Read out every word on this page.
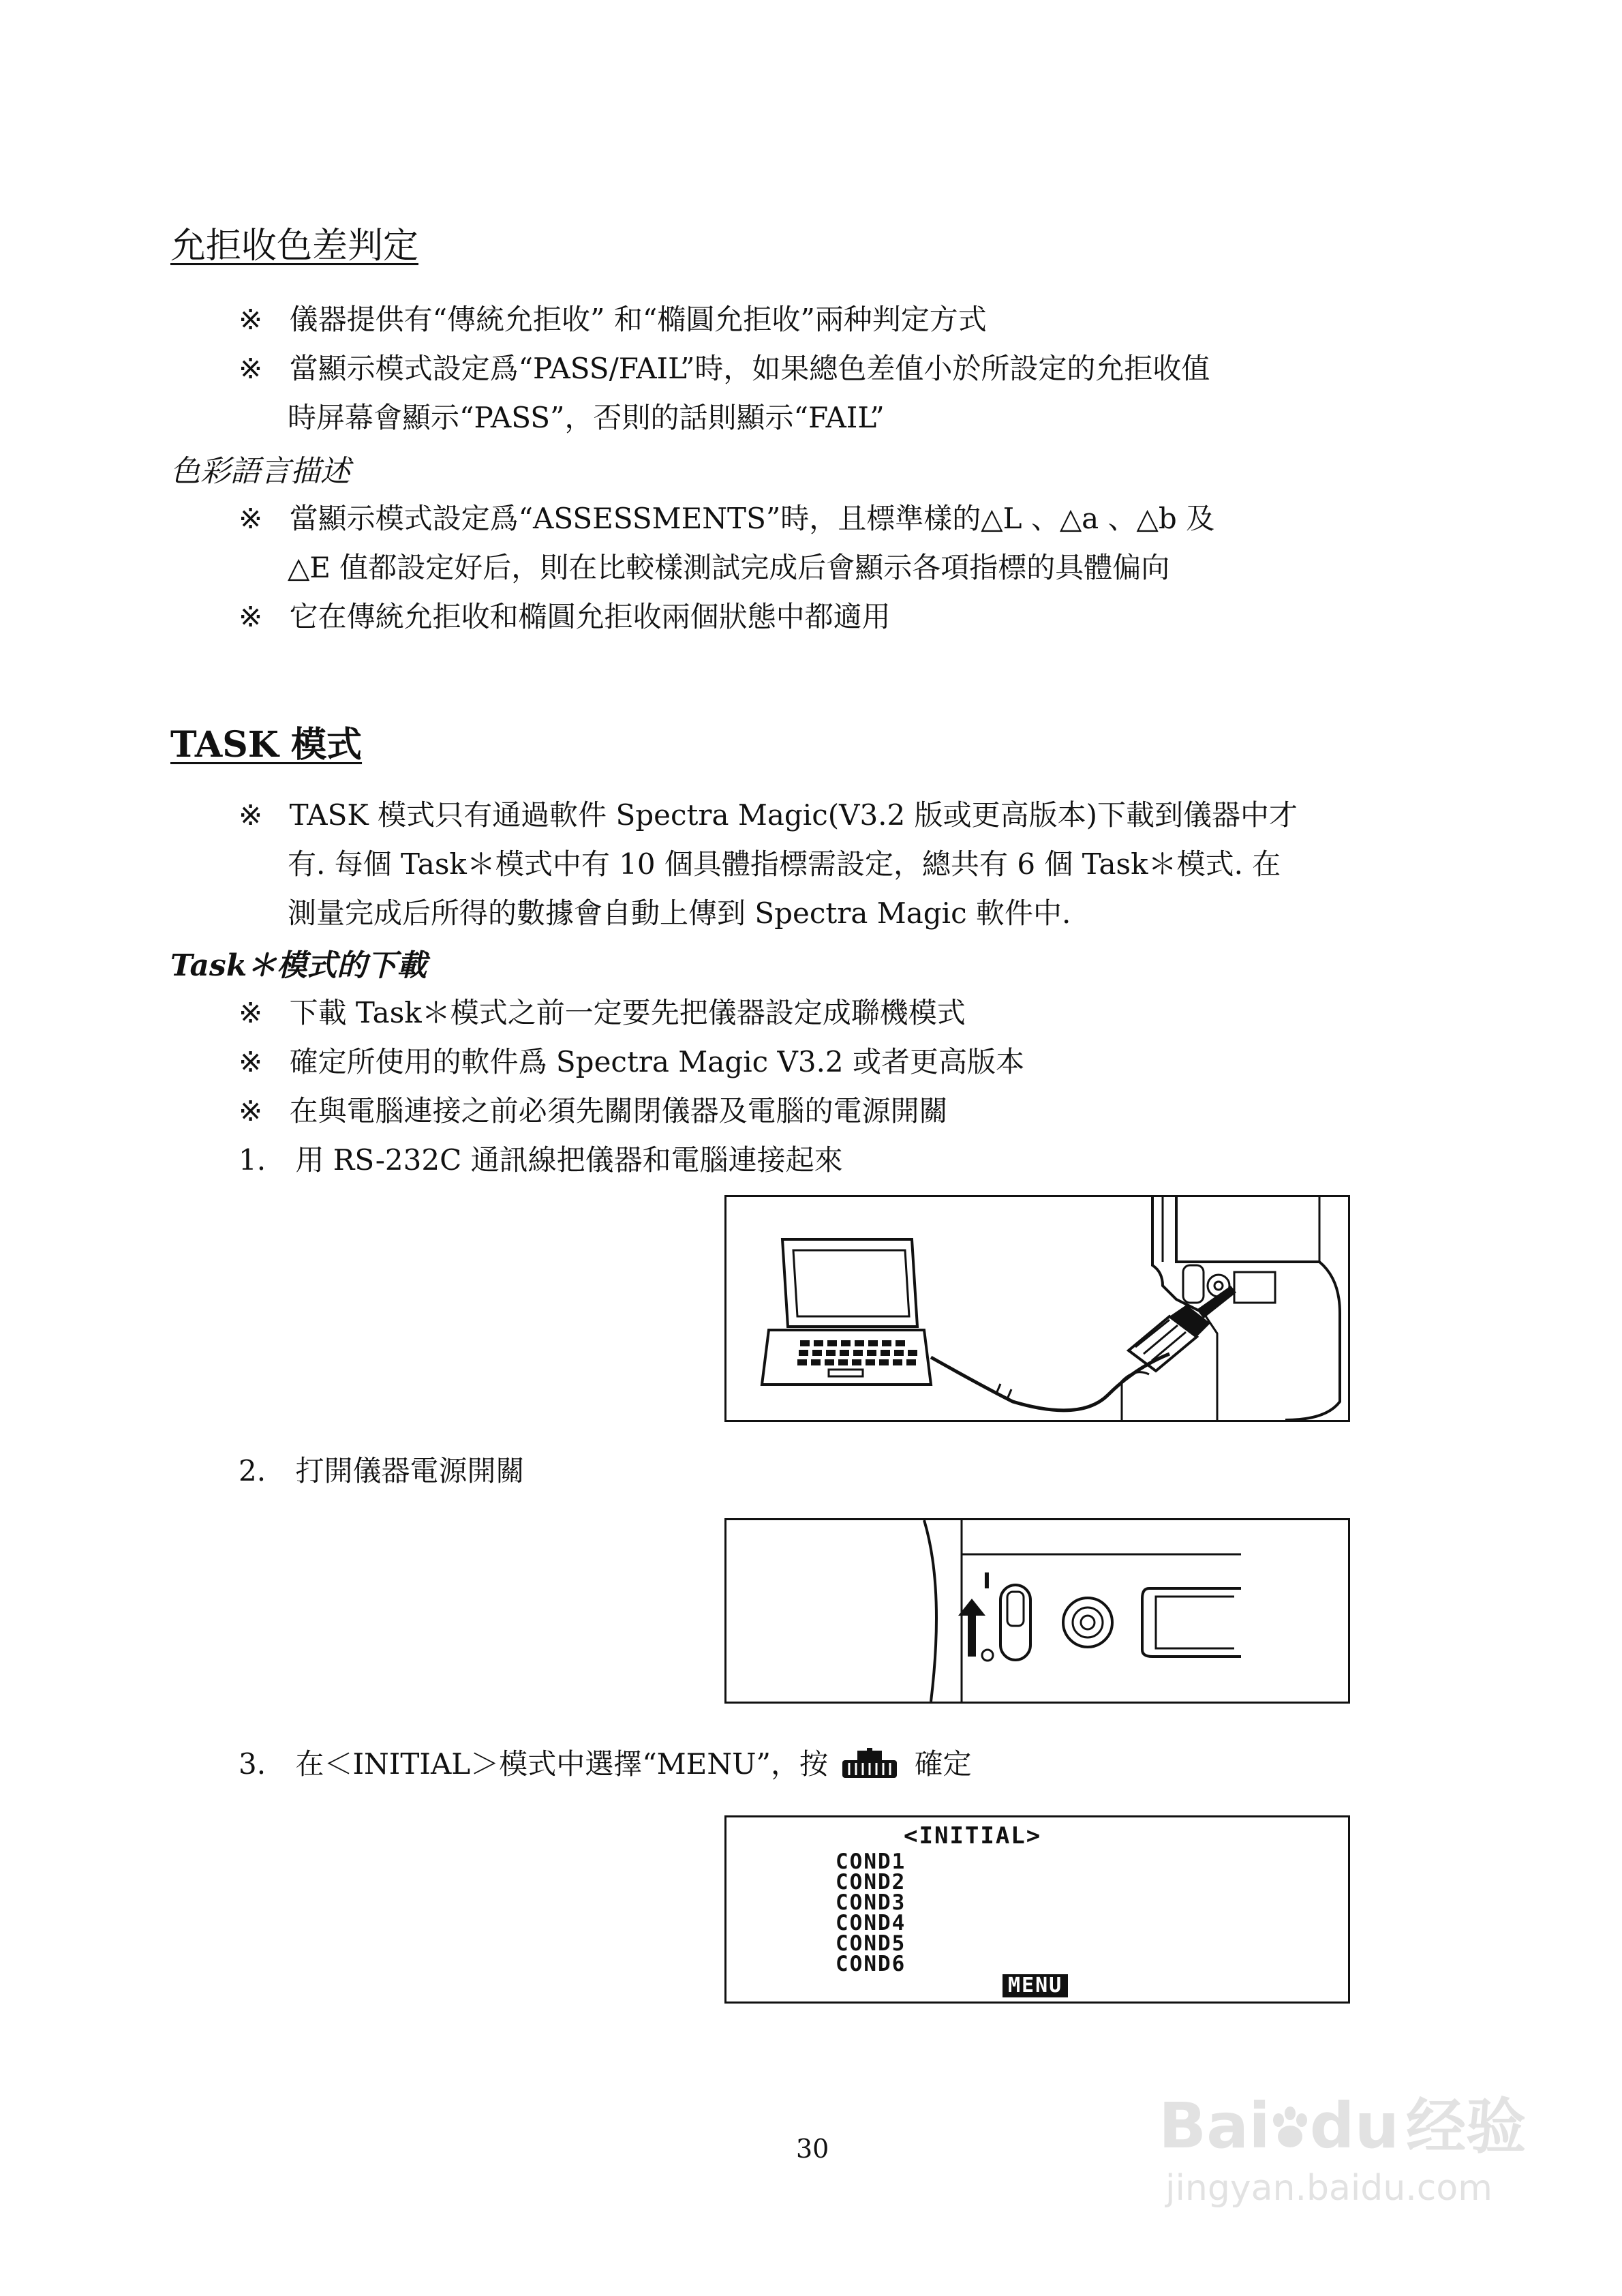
允拒收色差判定
※ 儀器提供有“傳統允拒收” 和“橢圓允拒收”兩种判定方式
※ 當顯示模式設定爲“PASS/FAIL”時，如果總色差值小於所設定的允拒收值
時屏幕會顯示“PASS”，否則的話則顯示“FAIL”
色彩語言描述
※ 當顯示模式設定爲“ASSESSMENTS”時，且標準樣的△L 、△a 、△b 及
△E 值都設定好后，則在比較樣測試完成后會顯示各項指標的具體偏向
※ 它在傳統允拒收和橢圓允拒收兩個狀態中都適用
TASK 模式
※ TASK 模式只有通過軟件 Spectra Magic(V3.2 版或更高版本)下載到儀器中才
有. 每個 Task＊模式中有 10 個具體指標需設定，總共有 6 個 Task＊模式. 在
測量完成后所得的數據會自動上傳到 Spectra Magic 軟件中.
Task＊模式的下載
※ 下載 Task＊模式之前一定要先把儀器設定成聯機模式
※ 確定所使用的軟件爲 Spectra Magic V3.2 或者更高版本
※ 在與電腦連接之前必須先關閉儀器及電腦的電源開關
1. 用 RS-232C 通訊線把儀器和電腦連接起來
2. 打開儀器電源開關
I
3. 在＜INITIAL＞模式中選擇“MENU”，按	確定
<INITIAL>
COND1
COND2
COND3
COND4
COND5
COND6
MENU
30	Bai du 经验
jingyan.baidu.com
